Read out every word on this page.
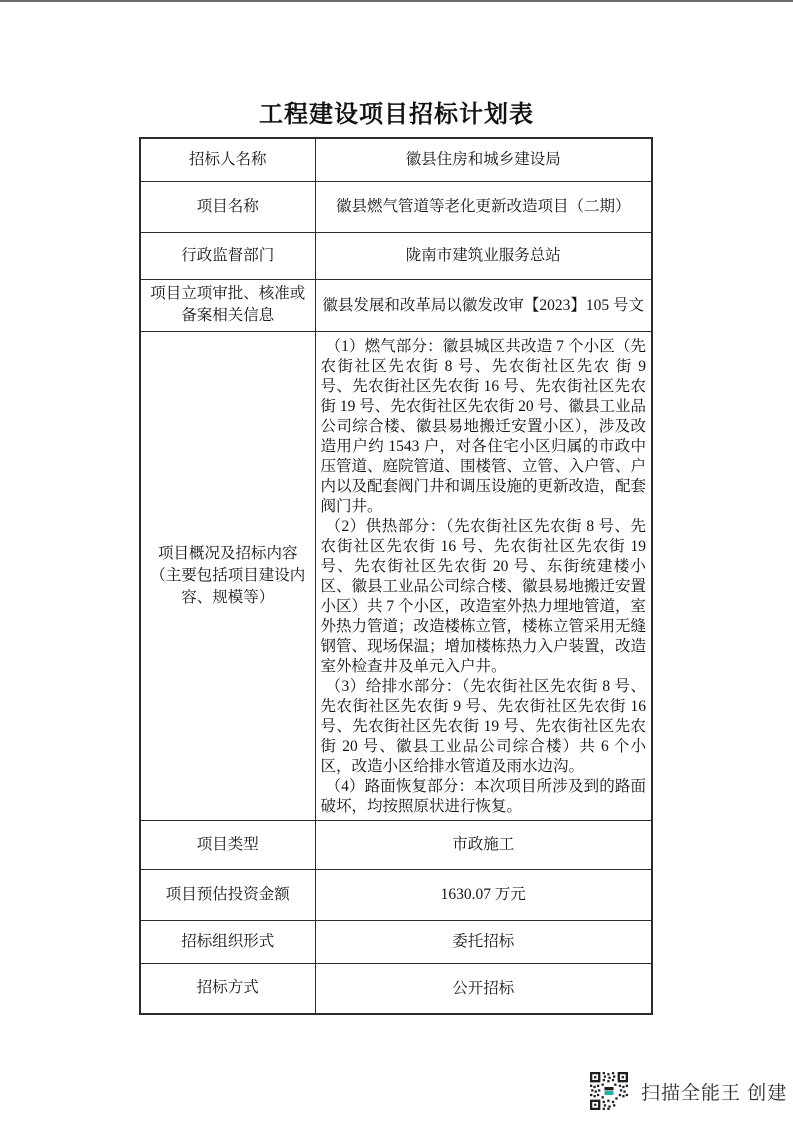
工程建设项目招标计划表
招标人名称	徽县住房和城乡建设局
项目名称	徽县燃气管道等老化更新改造项目（二期）
行政监督部门	陇南市建筑业服务总站
项目立项审批、核准或备案相关信息	徽县发展和改革局以徽发改审【2023】105 号文
项目概况及招标内容（主要包括项目建设内容、规模等）	（1）燃气部分：徽县城区共改造 7 个小区（先农街社区先农街 8 号、先农街社区先农 街 9 号、先农街社区先农街 16 号、先农街社区先农街 19 号、先农街社区先农街 20 号、徽县工业品公司综合楼、徽县易地搬迁安置小区），涉及改造用户约 1543 户，对各住宅小区归属的市政中压管道、庭院管道、围楼管、立管、入户管、户内以及配套阀门井和调压设施的更新改造，配套阀门井。

（2）供热部分：（先农街社区先农街 8 号、先农街社区先农街 16 号、先农街社区先农街 19 号、先农街社区先农街 20 号、东街统建楼小区、徽县工业品公司综合楼、徽县易地搬迁安置小区）共 7 个小区，改造室外热力埋地管道，室外热力管道；改造楼栋立管，楼栋立管采用无缝钢管、现场保温；增加楼栋热力入户装置，改造室外检查井及单元入户井。

（3）给排水部分：（先农街社区先农街 8 号、先农街社区先农街 9 号、先农街社区先农街 16 号、先农街社区先农街 19 号、先农街社区先农街 20 号、徽县工业品公司综合楼）共 6 个小区，改造小区给排水管道及雨水边沟。

（4）路面恢复部分：本次项目所涉及到的路面破坏，均按照原状进行恢复。

项目类型	市政施工
项目预估投资金额	1630.07 万元
招标组织形式	委托招标
招标方式	公开招标
扫描全能王 创建
